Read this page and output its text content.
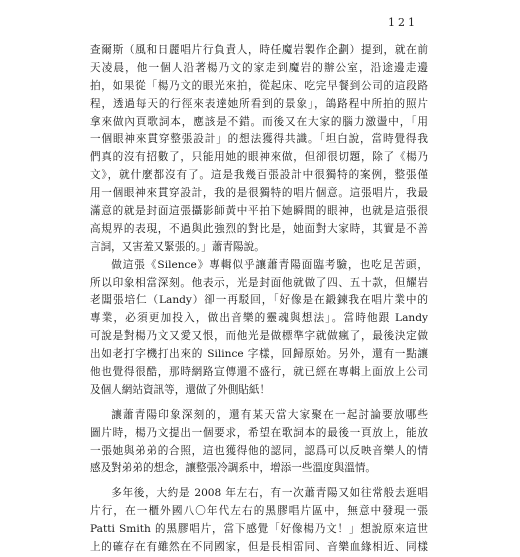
121
查爾斯（風和日麗唱片行負責人，時任魔岩製作企劃）提到，就在前
天凌晨，他一個人沿著楊乃文的家走到魔岩的辦公室，沿途邊走邊
拍，如果從「楊乃文的眼光來拍，從起床、吃完早餐到公司的這段路
程，透過每天的行徑來表達她所看到的景象」，鴿路程中所拍的照片
拿來做內頁歌詞本，應該是不錯。而後又在大家的腦力激盪中，「用
一個眼神來貫穿整張設計」的想法獲得共識。「坦白說，當時覺得我
們真的沒有招數了，只能用她的眼神來做，但卻很切題，除了《楊乃
文》，就什麼都沒有了。這是我幾百張設計中很獨特的案例，整張僅
用一個眼神來貫穿設計，我的是很獨特的唱片個意。這張唱片，我最
滿意的就是封面這張攝影師黃中平拍下她瞬間的眼神，也就是這張很
高規界的表現，不過與此強烈的對比是，她面對大家時，其實是不善
言詞，又害羞又緊張的。」蕭青陽說。
做這張《Silence》專輯似乎讓蕭青陽面臨考驗，也吃足苦頭，
所以印象相當深刻。他表示，光是封面他就做了四、五十款，但耀岩
老闆張培仁（Landy）卻一再駁回，「好像是在鍛鍊我在唱片業中的
專業，必須更加投入，做出音樂的靈魂與想法」。當時他跟 Landy
可說是對楊乃文又愛又恨，而他光是做標準字就做瘋了，最後決定做
出如老打字機打出來的 Silince 字樣，回歸原始。另外，還有一點讓
他也覺得很酷，那時網路宣傳還不盛行，就已經在專輯上面放上公司
及個人網站資訊等，還做了外側貼紙！
讓蕭青陽印象深刻的，還有某天當大家聚在一起討論要放哪些
圖片時，楊乃文提出一個要求，希望在歌詞本的最後一頁放上，能放
一張她與弟弟的合照，這也獲得他的認同，認爲可以反映音樂人的情
感及對弟弟的想念，讓整張冷調系中，增添一些溫度與溫情。
多年後，大約是 2008 年左右，有一次蕭青陽又如往常般去逛唱
片行，在一櫃外國八〇年代左右的黑膠唱片區中，無意中發現一張
Patti Smith 的黑膠唱片，當下感覺「好像楊乃文！」想說原來這世
上的確存在有雖然在不同國家，但是長相雷同、音樂血緣相近、同樣
